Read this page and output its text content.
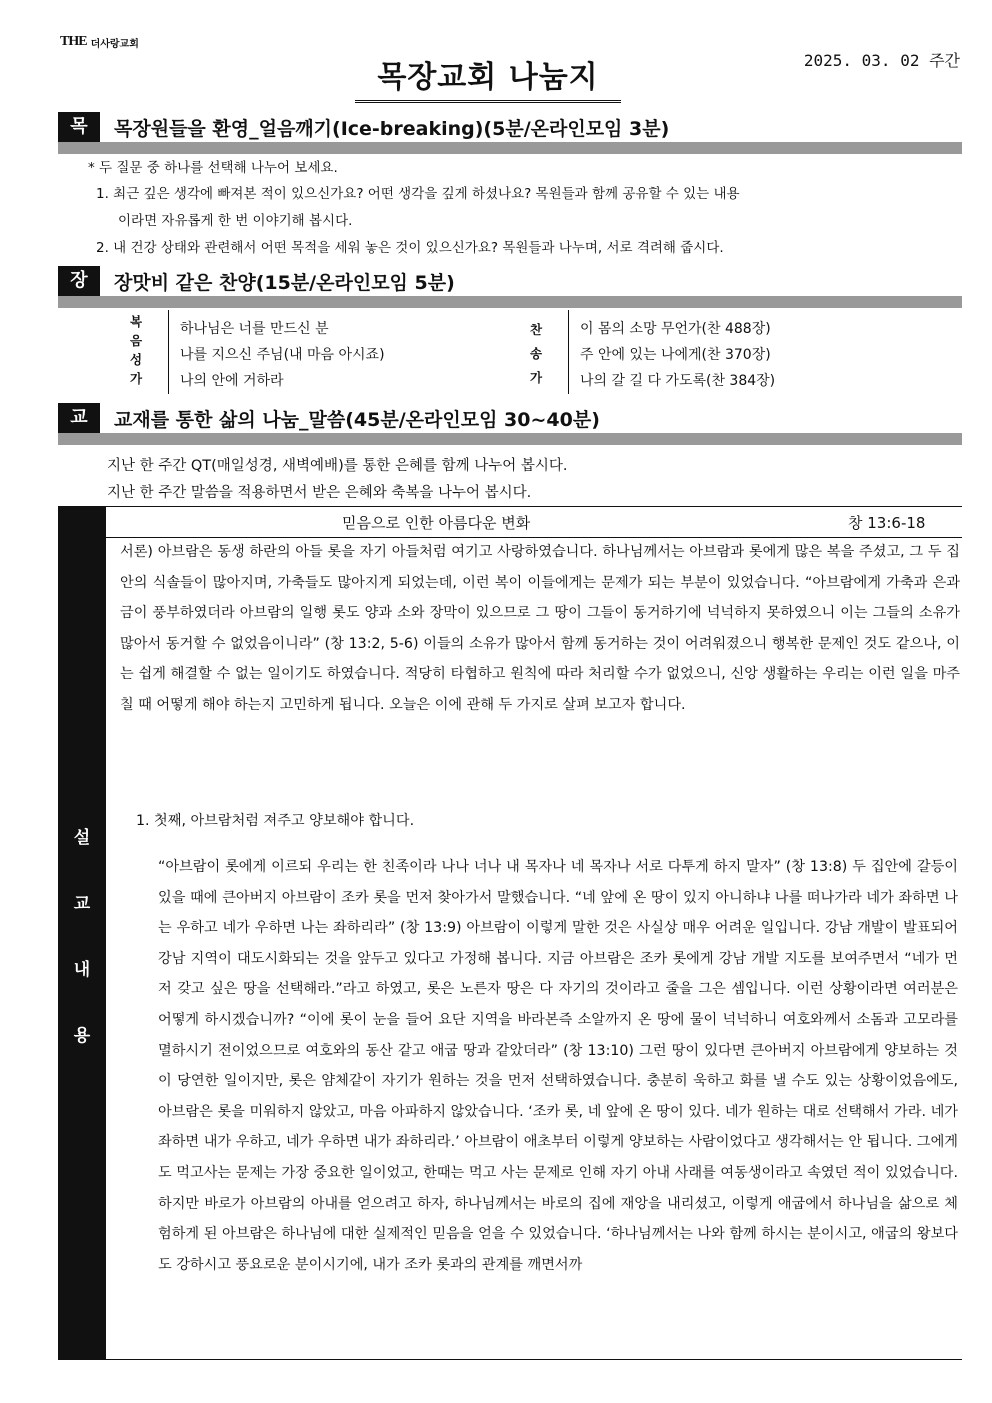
THE 더사랑교회
2025. 03. 02 주간
목장교회 나눔지
목	목장원들을 환영_얼음깨기(Ice-breaking)(5분/온라인모임 3분)
* 두 질문 중 하나를 선택해 나누어 보세요.
1. 최근 깊은 생각에 빠져본 적이 있으신가요? 어떤 생각을 깊게 하셨나요? 목원들과 함께 공유할 수 있는 내용
이라면 자유롭게 한 번 이야기해 봅시다.
2. 내 건강 상태와 관련해서 어떤 목적을 세워 놓은 것이 있으신가요? 목원들과 나누며, 서로 격려해 줍시다.
장	장맛비 같은 찬양(15분/온라인모임 5분)
복
음
성
가
하나님은 너를 만드신 분
나를 지으신 주님(내 마음 아시죠)
나의 안에 거하라
찬
송
가
이 몸의 소망 무언가(찬 488장)
주 안에 있는 나에게(찬 370장)
나의 갈 길 다 가도록(찬 384장)
교	교재를 통한 삶의 나눔_말씀(45분/온라인모임 30~40분)
지난 한 주간 QT(매일성경, 새벽예배)를 통한 은혜를 함께 나누어 봅시다.
지난 한 주간 말씀을 적용하면서 받은 은혜와 축복을 나누어 봅시다.
설
교
내
용
믿음으로 인한 아름다운 변화	창 13:6-18
서론) 아브람은 동생 하란의 아들 롯을 자기 아들처럼 여기고 사랑하였습니다. 하나님께서는 아브람과 롯에게 많은 복을 주셨고, 그 두 집안의 식솔들이 많아지며, 가축들도 많아지게 되었는데, 이런 복이 이들에게는 문제가 되는 부분이 있었습니다. “아브람에게 가축과 은과 금이 풍부하였더라 아브람의 일행 롯도 양과 소와 장막이 있으므로 그 땅이 그들이 동거하기에 넉넉하지 못하였으니 이는 그들의 소유가 많아서 동거할 수 없었음이니라” (창 13:2, 5-6) 이들의 소유가 많아서 함께 동거하는 것이 어려워졌으니 행복한 문제인 것도 같으나, 이는 쉽게 해결할 수 없는 일이기도 하였습니다. 적당히 타협하고 원칙에 따라 처리할 수가 없었으니, 신앙 생활하는 우리는 이런 일을 마주칠 때 어떻게 해야 하는지 고민하게 됩니다. 오늘은 이에 관해 두 가지로 살펴 보고자 합니다.
1. 첫째, 아브람처럼 져주고 양보해야 합니다.
“아브람이 롯에게 이르되 우리는 한 친족이라 나나 너나 내 목자나 네 목자나 서로 다투게 하지 말자” (창 13:8) 두 집안에 갈등이 있을 때에 큰아버지 아브람이 조카 롯을 먼저 찾아가서 말했습니다. “네 앞에 온 땅이 있지 아니하냐 나를 떠나가라 네가 좌하면 나는 우하고 네가 우하면 나는 좌하리라” (창 13:9) 아브람이 이렇게 말한 것은 사실상 매우 어려운 일입니다. 강남 개발이 발표되어 강남 지역이 대도시화되는 것을 앞두고 있다고 가정해 봅니다. 지금 아브람은 조카 롯에게 강남 개발 지도를 보여주면서 “네가 먼저 갖고 싶은 땅을 선택해라.”라고 하였고, 롯은 노른자 땅은 다 자기의 것이라고 줄을 그은 셈입니다. 이런 상황이라면 여러분은 어떻게 하시겠습니까? “이에 롯이 눈을 들어 요단 지역을 바라본즉 소알까지 온 땅에 물이 넉넉하니 여호와께서 소돔과 고모라를 멸하시기 전이었으므로 여호와의 동산 같고 애굽 땅과 같았더라” (창 13:10) 그런 땅이 있다면 큰아버지 아브람에게 양보하는 것이 당연한 일이지만, 롯은 얌체같이 자기가 원하는 것을 먼저 선택하였습니다. 충분히 욱하고 화를 낼 수도 있는 상황이었음에도, 아브람은 롯을 미워하지 않았고, 마음 아파하지 않았습니다. ‘조카 롯, 네 앞에 온 땅이 있다. 네가 원하는 대로 선택해서 가라. 네가 좌하면 내가 우하고, 네가 우하면 내가 좌하리라.’ 아브람이 애초부터 이렇게 양보하는 사람이었다고 생각해서는 안 됩니다. 그에게도 먹고사는 문제는 가장 중요한 일이었고, 한때는 먹고 사는 문제로 인해 자기 아내 사래를 여동생이라고 속였던 적이 있었습니다. 하지만 바로가 아브람의 아내를 얻으려고 하자, 하나님께서는 바로의 집에 재앙을 내리셨고, 이렇게 애굽에서 하나님을 삶으로 체험하게 된 아브람은 하나님에 대한 실제적인 믿음을 얻을 수 있었습니다. ‘하나님께서는 나와 함께 하시는 분이시고, 애굽의 왕보다도 강하시고 풍요로운 분이시기에, 내가 조카 롯과의 관계를 깨면서까
